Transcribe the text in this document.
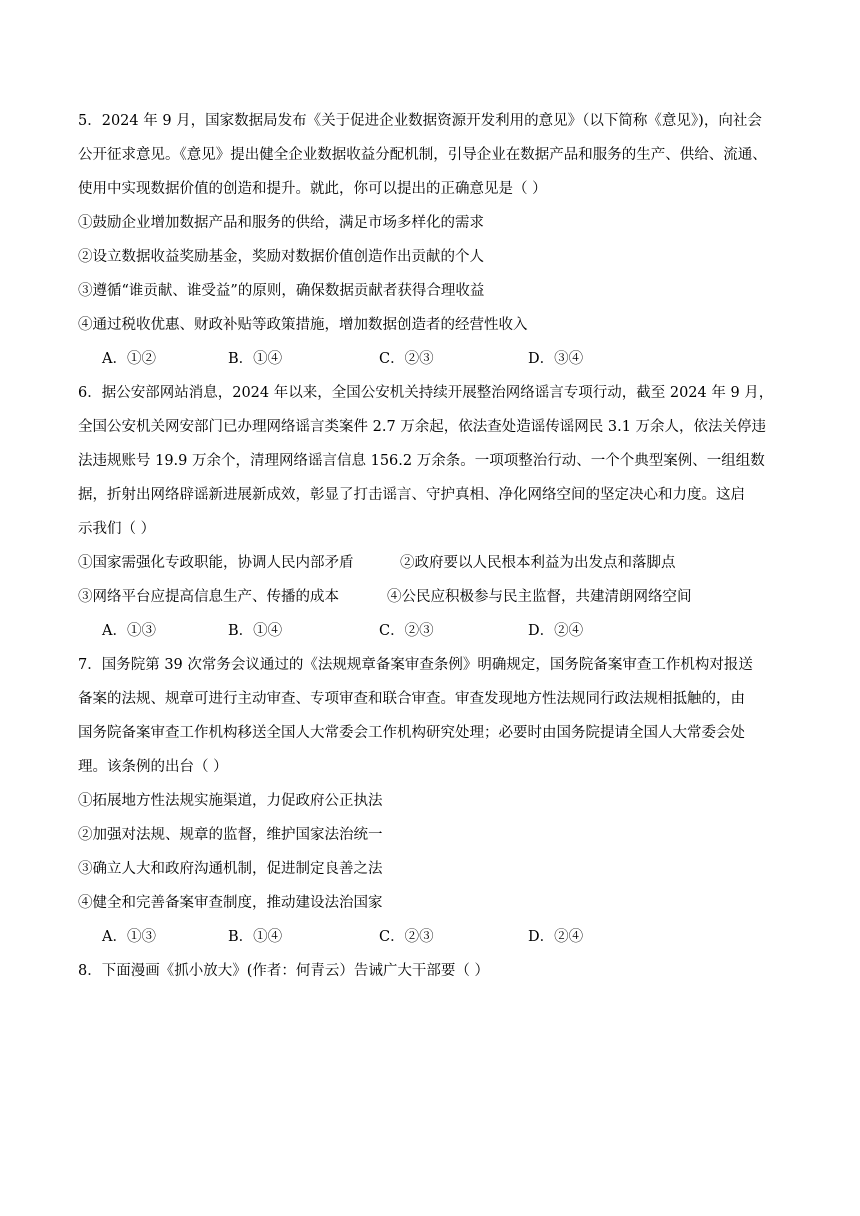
5．2024 年 9 月，国家数据局发布《关于促进企业数据资源开发利用的意见》（以下简称《意见》)，向社会
公开征求意见。《意见》提出健全企业数据收益分配机制，引导企业在数据产品和服务的生产、供给、流通、
使用中实现数据价值的创造和提升。就此，你可以提出的正确意见是（ ）
①鼓励企业增加数据产品和服务的供给，满足市场多样化的需求
②设立数据收益奖励基金，奖励对数据价值创造作出贡献的个人
③遵循“谁贡献、谁受益”的原则，确保数据贡献者获得合理收益
④通过税收优惠、财政补贴等政策措施，增加数据创造者的经营性收入
A．①②	B．①④	C．②③	D．③④
6．据公安部网站消息，2024 年以来，全国公安机关持续开展整治网络谣言专项行动，截至 2024 年 9 月，
全国公安机关网安部门已办理网络谣言类案件 2.7 万余起，依法查处造谣传谣网民 3.1 万余人，依法关停违
法违规账号 19.9 万余个，清理网络谣言信息 156.2 万余条。一项项整治行动、一个个典型案例、一组组数
据，折射出网络辟谣新进展新成效，彰显了打击谣言、守护真相、净化网络空间的坚定决心和力度。这启
示我们（ ）
①国家需强化专政职能，协调人民内部矛盾	②政府要以人民根本利益为出发点和落脚点
③网络平台应提高信息生产、传播的成本	④公民应积极参与民主监督，共建清朗网络空间
A．①③	B．①④	C．②③	D．②④
7．国务院第 39 次常务会议通过的《法规规章备案审查条例》明确规定，国务院备案审查工作机构对报送
备案的法规、规章可进行主动审查、专项审查和联合审查。审查发现地方性法规同行政法规相抵触的，由
国务院备案审查工作机构移送全国人大常委会工作机构研究处理；必要时由国务院提请全国人大常委会处
理。该条例的出台（ ）
①拓展地方性法规实施渠道，力促政府公正执法
②加强对法规、规章的监督，维护国家法治统一
③确立人大和政府沟通机制，促进制定良善之法
④健全和完善备案审查制度，推动建设法治国家
A．①③	B．①④	C．②③	D．②④
8．下面漫画《抓小放大》(作者：何青云）告诫广大干部要（ ）
